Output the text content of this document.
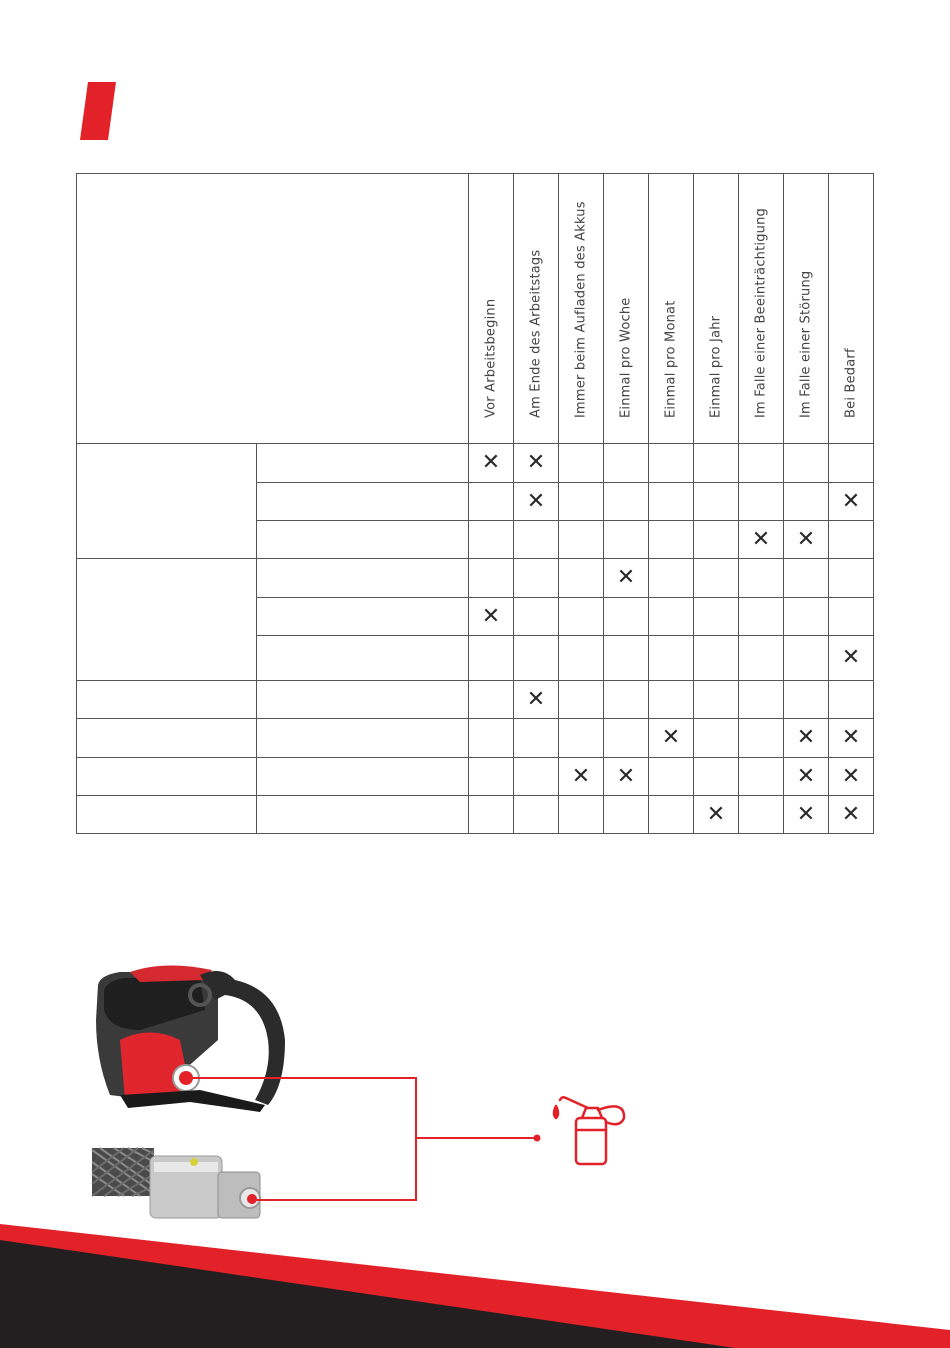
		Vor Arbeitsbeginn	Am Ende des Arbeitstags	Immer beim Aufladen des Akkus	Einmal pro Woche	Einmal pro Monat	Einmal pro Jahr	Im Falle einer Beeinträchtigung	Im Falle einer Störung	Bei Bedarf

		✕	✕							
			✕							✕
								✕	✕	
					✕					
		✕								
										✕
			✕							
						✕			✕	✕
				✕	✕				✕	✕
							✕		✕	✕
